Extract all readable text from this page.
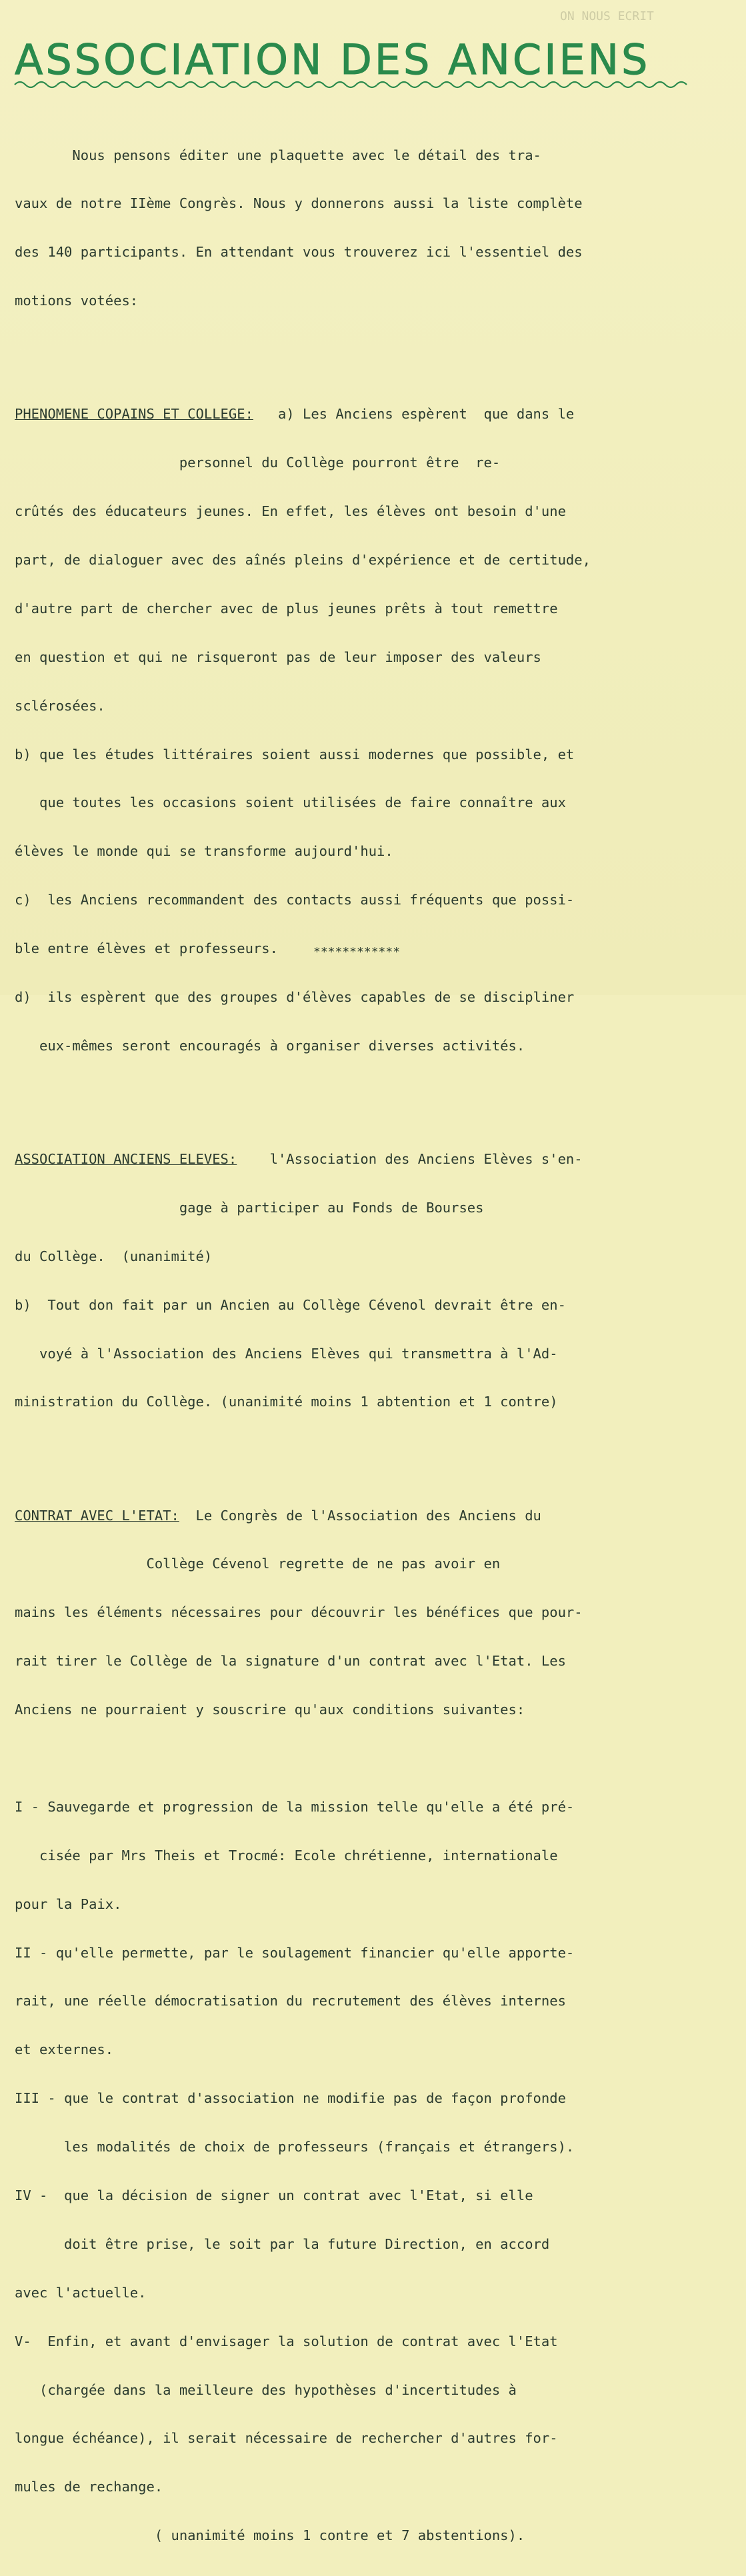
ON NOUS ECRIT
ASSOCIATION DES ANCIENS

Nous pensons éditer une plaquette avec le détail des tra-

vaux de notre IIème Congrès. Nous y donnerons aussi la liste complète

des 140 participants. En attendant vous trouverez ici l'essentiel des

motions votées:

PHENOMENE COPAINS ET COLLEGE:   a) Les Anciens espèrent  que dans le

personnel du Collège pourront être  re-

crûtés des éducateurs jeunes. En effet, les élèves ont besoin d'une

part, de dialoguer avec des aînés pleins d'expérience et de certitude,

d'autre part de chercher avec de plus jeunes prêts à tout remettre

en question et qui ne risqueront pas de leur imposer des valeurs

sclérosées.

b) que les études littéraires soient aussi modernes que possible, et

que toutes les occasions soient utilisées de faire connaître aux

élèves le monde qui se transforme aujourd'hui.

c)  les Anciens recommandent des contacts aussi fréquents que possi-

ble entre élèves et professeurs.

d)  ils espèrent que des groupes d'élèves capables de se discipliner

eux-mêmes seront encouragés à organiser diverses activités.

ASSOCIATION ANCIENS ELEVES:    l'Association des Anciens Elèves s'en-

gage à participer au Fonds de Bourses

du Collège.  (unanimité)

b)  Tout don fait par un Ancien au Collège Cévenol devrait être en-

voyé à l'Association des Anciens Elèves qui transmettra à l'Ad-

ministration du Collège. (unanimité moins 1 abtention et 1 contre)

CONTRAT AVEC L'ETAT:  Le Congrès de l'Association des Anciens du

Collège Cévenol regrette de ne pas avoir en

mains les éléments nécessaires pour découvrir les bénéfices que pour-

rait tirer le Collège de la signature d'un contrat avec l'Etat. Les

Anciens ne pourraient y souscrire qu'aux conditions suivantes:

I - Sauvegarde et progression de la mission telle qu'elle a été pré-

cisée par Mrs Theis et Trocmé: Ecole chrétienne, internationale

pour la Paix.

II - qu'elle permette, par le soulagement financier qu'elle apporte-

rait, une réelle démocratisation du recrutement des élèves internes

et externes.

III - que le contrat d'association ne modifie pas de façon profonde

les modalités de choix de professeurs (français et étrangers).

IV -  que la décision de signer un contrat avec l'Etat, si elle

doit être prise, le soit par la future Direction, en accord

avec l'actuelle.

V-  Enfin, et avant d'envisager la solution de contrat avec l'Etat

(chargée dans la meilleure des hypothèses d'incertitudes à

longue échéance), il serait nécessaire de rechercher d'autres for-

mules de rechange.

( unanimité moins 1 contre et 7 abstentions).

************
